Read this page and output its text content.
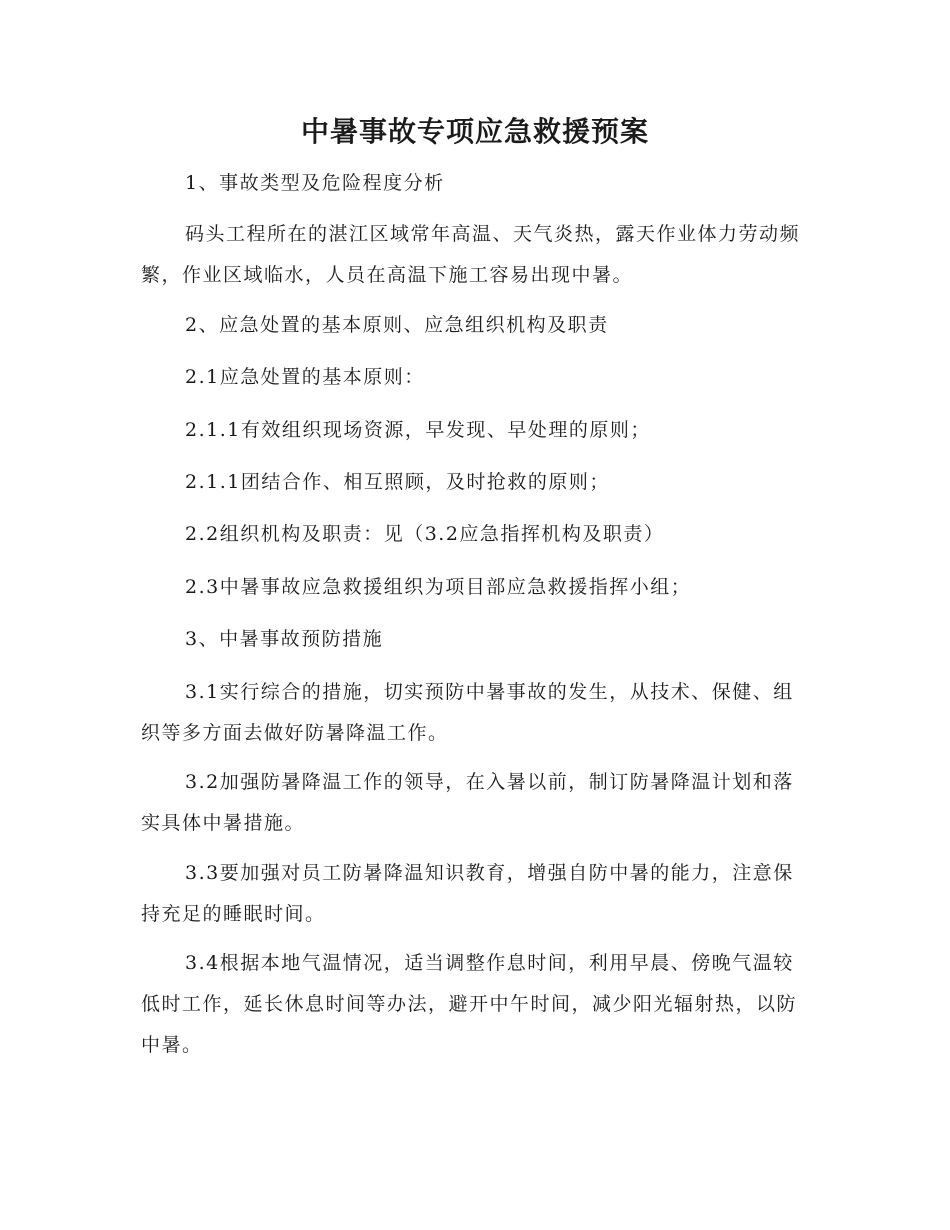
中暑事故专项应急救援预案
1、事故类型及危险程度分析
码头工程所在的湛江区域常年高温、天气炎热，露天作业体力劳动频繁，作业区域临水，人员在高温下施工容易出现中暑。
2、应急处置的基本原则、应急组织机构及职责
2.1应急处置的基本原则：
2.1.1有效组织现场资源，早发现、早处理的原则；
2.1.1团结合作、相互照顾，及时抢救的原则；
2.2组织机构及职责：见（3.2应急指挥机构及职责）
2.3中暑事故应急救援组织为项目部应急救援指挥小组；
3、中暑事故预防措施
3.1实行综合的措施，切实预防中暑事故的发生，从技术、保健、组织等多方面去做好防暑降温工作。
3.2加强防暑降温工作的领导，在入暑以前，制订防暑降温计划和落实具体中暑措施。
3.3要加强对员工防暑降温知识教育，增强自防中暑的能力，注意保持充足的睡眠时间。
3.4根据本地气温情况，适当调整作息时间，利用早晨、傍晚气温较低时工作，延长休息时间等办法，避开中午时间，减少阳光辐射热，以防中暑。
